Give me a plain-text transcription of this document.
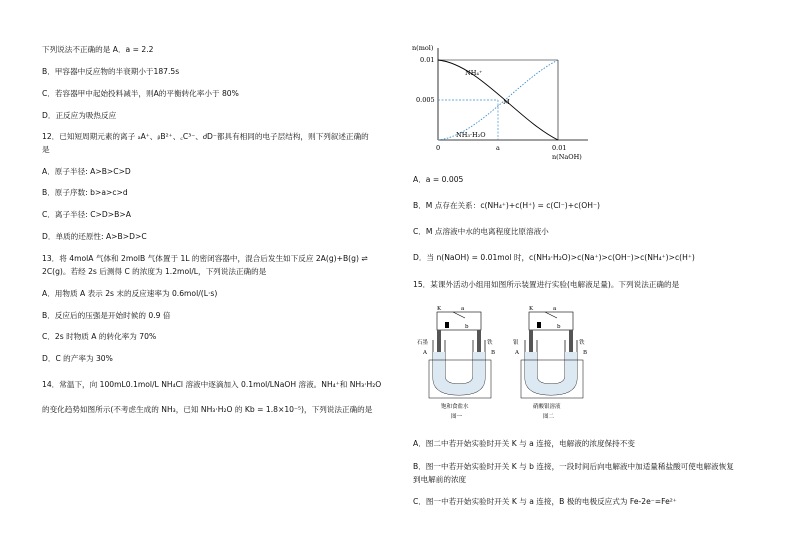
下列说法不正确的是 A．a = 2.2
B．甲容器中反应物的半衰期小于187.5s
C．若容器甲中起始投料减半，则A的平衡转化率小于 80%
D．正反应为吸热反应
12．已知短周期元素的离子 ₐA⁺、ᵦB²⁺、꜀C³⁻、ᏧD⁻都具有相同的电子层结构，则下列叙述正确的
是
A．原子半径: A>B>C>D
B．原子序数: b>a>c>d
C．离子半径: C>D>B>A
D．单质的还原性: A>B>D>C
13．将 4molA 气体和 2molB 气体置于 1L 的密闭容器中，混合后发生如下反应 2A(g)+B(g) ⇌
2C(g)。若经 2s 后测得 C 的浓度为 1.2mol/L，下列说法正确的是
A．用物质 A 表示 2s 末的反应速率为 0.6mol/(L·s)
B．反应后的压强是开始时候的 0.9 倍
C．2s 时物质 A 的转化率为 70%
D．C 的产率为 30%
14．常温下，向 100mL0.1mol/L NH₄Cl 溶液中逐滴加入 0.1mol/LNaOH 溶液。NH₄⁺和 NH₃·H₂O
的变化趋势如图所示(不考虑生成的 NH₃，已知 NH₃·H₂O 的 Kb = 1.8×10⁻⁵)，下列说法正确的是
n(mol)
0.01
0.005
0	a	0.01
n(NaOH)
NH₄⁺
NH₃·H₂O
M
A．a = 0.005
B．M 点存在关系：c(NH₄⁺)+c(H⁺) = c(Cl⁻)+c(OH⁻)
C．M 点溶液中水的电离程度比原溶液小
D．当 n(NaOH) = 0.01mol 时，c(NH₃·H₂O)>c(Na⁺)>c(OH⁻)>c(NH₄⁺)>c(H⁺)
15．某课外活动小组用如图所示装置进行实验(电解液足量)。下列说法正确的是
A．图二中若开始实验时开关 K 与 a 连接，电解液的浓度保持不变
B．图一中若开始实验时开关 K 与 b 连接，一段时间后向电解液中加适量稀盐酸可使电解液恢复
到电解前的浓度
C．图一中若开始实验时开关 K 与 a 连接，B 极的电极反应式为 Fe-2e⁻=Fe²⁺
K	a
b
石墨	铁
A	B
饱和食盐水
图一
K	a
b
银	铁
A	B
硝酸银溶液
图二
